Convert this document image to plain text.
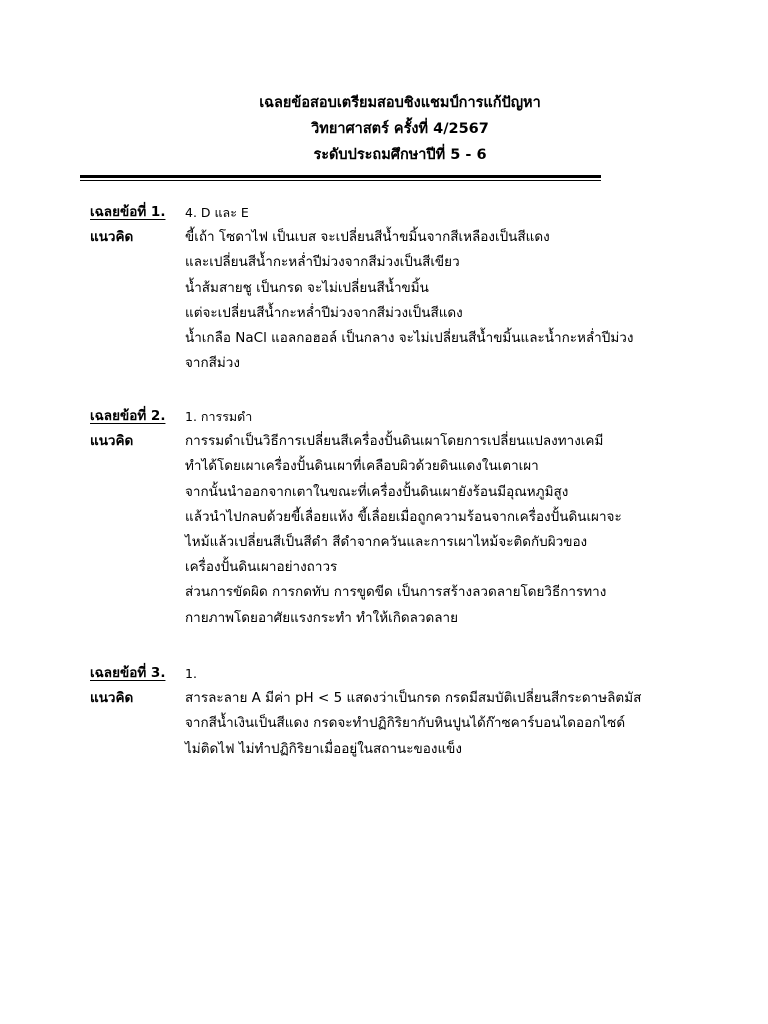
เฉลยข้อสอบเตรียมสอบชิงแชมป์การแก้ปัญหา
วิทยาศาสตร์ ครั้งที่ 4/2567
ระดับประถมศึกษาปีที่ 5 - 6
เฉลยข้อที่ 1. 4. D และ E
แนวคิด	ขี้เถ้า โซดาไฟ เป็นเบส จะเปลี่ยนสีน้ำขมิ้นจากสีเหลืองเป็นสีแดง
และเปลี่ยนสีน้ำกะหล่ำปีม่วงจากสีม่วงเป็นสีเขียว
น้ำส้มสายชู เป็นกรด จะไม่เปลี่ยนสีน้ำขมิ้น
แต่จะเปลี่ยนสีน้ำกะหล่ำปีม่วงจากสีม่วงเป็นสีแดง
น้ำเกลือ NaCl แอลกอฮอล์ เป็นกลาง จะไม่เปลี่ยนสีน้ำขมิ้นและน้ำกะหล่ำปีม่วง
จากสีม่วง
เฉลยข้อที่ 2. 1. การรมดำ
แนวคิด	การรมดำเป็นวิธีการเปลี่ยนสีเครื่องปั้นดินเผาโดยการเปลี่ยนแปลงทางเคมี
ทำได้โดยเผาเครื่องปั้นดินเผาที่เคลือบผิวด้วยดินแดงในเตาเผา
จากนั้นนำออกจากเตาในขณะที่เครื่องปั้นดินเผายังร้อนมีอุณหภูมิสูง
แล้วนำไปกลบด้วยขี้เลื่อยแห้ง ขี้เลื่อยเมื่อถูกความร้อนจากเครื่องปั้นดินเผาจะ
ไหม้แล้วเปลี่ยนสีเป็นสีดำ สีดำจากควันและการเผาไหม้จะติดกับผิวของ
เครื่องปั้นดินเผาอย่างถาวร
ส่วนการขัดผิด การกดทับ การขูดขีด เป็นการสร้างลวดลายโดยวิธีการทาง
กายภาพโดยอาศัยแรงกระทำ ทำให้เกิดลวดลาย
เฉลยข้อที่ 3. 1.
แนวคิด	สารละลาย A มีค่า pH < 5 แสดงว่าเป็นกรด กรดมีสมบัติเปลี่ยนสีกระดาษลิตมัส
จากสีน้ำเงินเป็นสีแดง กรดจะทำปฏิกิริยากับหินปูนได้ก๊าซคาร์บอนไดออกไซด์
ไม่ติดไฟ ไม่ทำปฏิกิริยาเมื่ออยู่ในสถานะของแข็ง
